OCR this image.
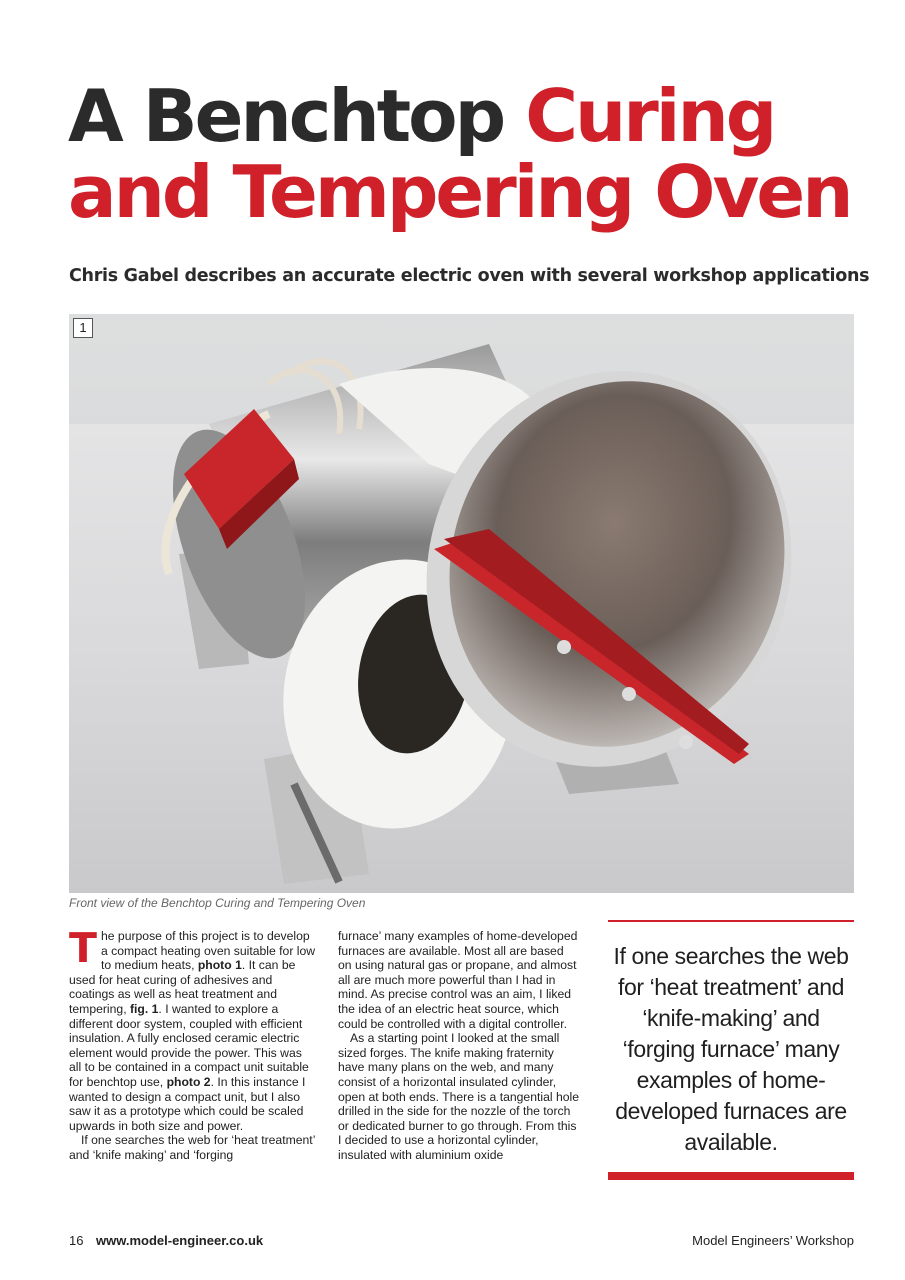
A Benchtop Curing
and Tempering Oven

Chris Gabel describes an accurate electric oven with several workshop applications

1
Front view of the Benchtop Curing and Tempering Oven

The purpose of this project is to develop a compact heating oven suitable for low to medium heats, photo 1. It can be used for heat curing of adhesives and coatings as well as heat treatment and tempering, fig. 1. I wanted to explore a different door system, coupled with efficient insulation. A fully enclosed ceramic electric element would provide the power. This was all to be contained in a compact unit suitable for benchtop use, photo 2. In this instance I wanted to design a compact unit, but I also saw it as a prototype which could be scaled upwards in both size and power.

If one searches the web for ‘heat treatment’ and ‘knife making’ and ‘forging

furnace’ many examples of home-developed furnaces are available. Most all are based on using natural gas or propane, and almost all are much more powerful than I had in mind. As precise control was an aim, I liked the idea of an electric heat source, which could be controlled with a digital controller.

As a starting point I looked at the small sized forges. The knife making fraternity have many plans on the web, and many consist of a horizontal insulated cylinder, open at both ends. There is a tangential hole drilled in the side for the nozzle of the torch or dedicated burner to go through. From this I decided to use a horizontal cylinder, insulated with aluminium oxide

If one searches the web for ‘heat treatment’ and ‘knife-making’ and ‘forging furnace’ many examples of home-developed furnaces are available.
16 www.model-engineer.co.uk	Model Engineers’ Workshop
